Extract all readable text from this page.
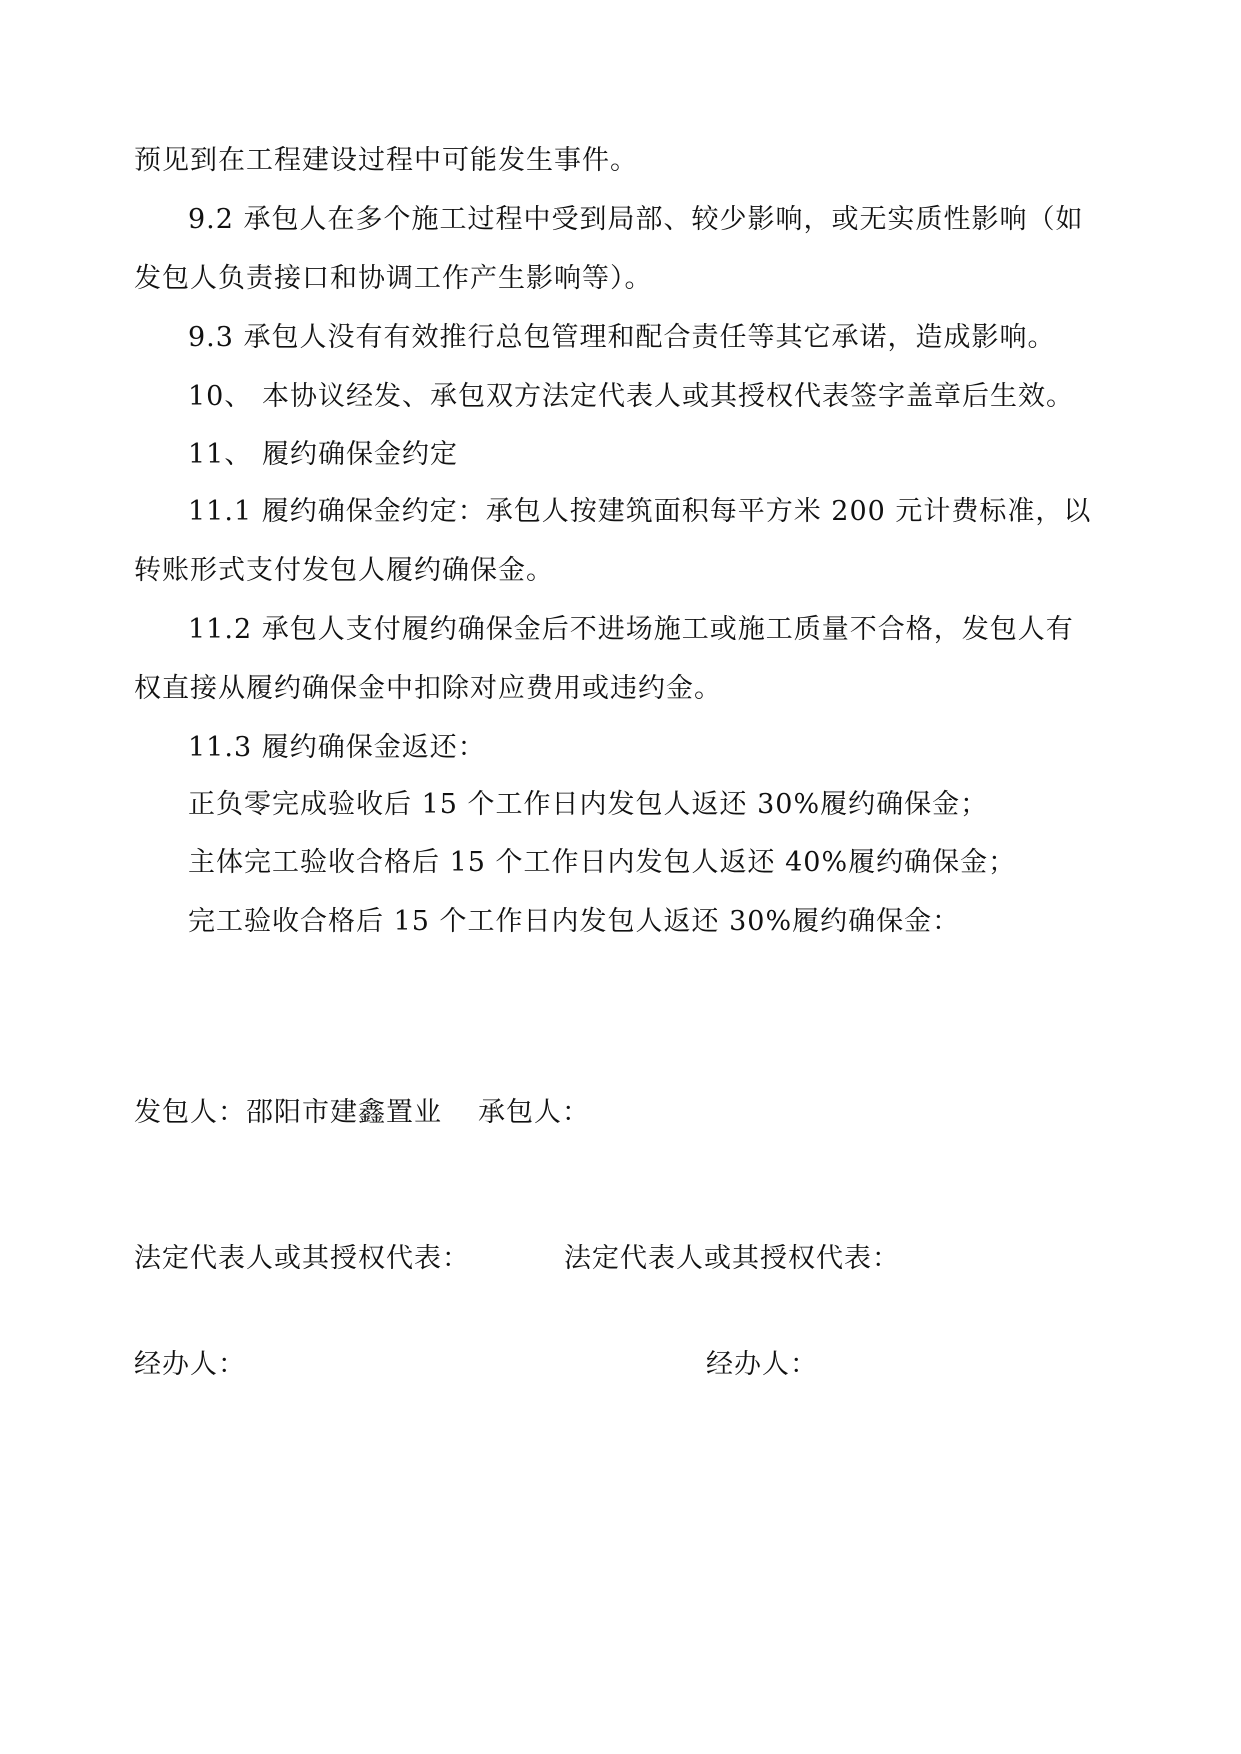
预见到在工程建设过程中可能发生事件。
9.2 承包人在多个施工过程中受到局部、较少影响，或无实质性影响（如
发包人负责接口和协调工作产生影响等）。
9.3 承包人没有有效推行总包管理和配合责任等其它承诺，造成影响。
10、 本协议经发、承包双方法定代表人或其授权代表签字盖章后生效。
11、 履约确保金约定
11.1 履约确保金约定：承包人按建筑面积每平方米 200 元计费标准，以
转账形式支付发包人履约确保金。
11.2 承包人支付履约确保金后不进场施工或施工质量不合格，发包人有
权直接从履约确保金中扣除对应费用或违约金。
11.3 履约确保金返还：
正负零完成验收后 15 个工作日内发包人返还 30%履约确保金；
主体完工验收合格后 15 个工作日内发包人返还 40%履约确保金；
完工验收合格后 15 个工作日内发包人返还 30%履约确保金：
发包人：邵阳市建鑫置业 承包人：
法定代表人或其授权代表：	法定代表人或其授权代表：
经办人：	经办人：
